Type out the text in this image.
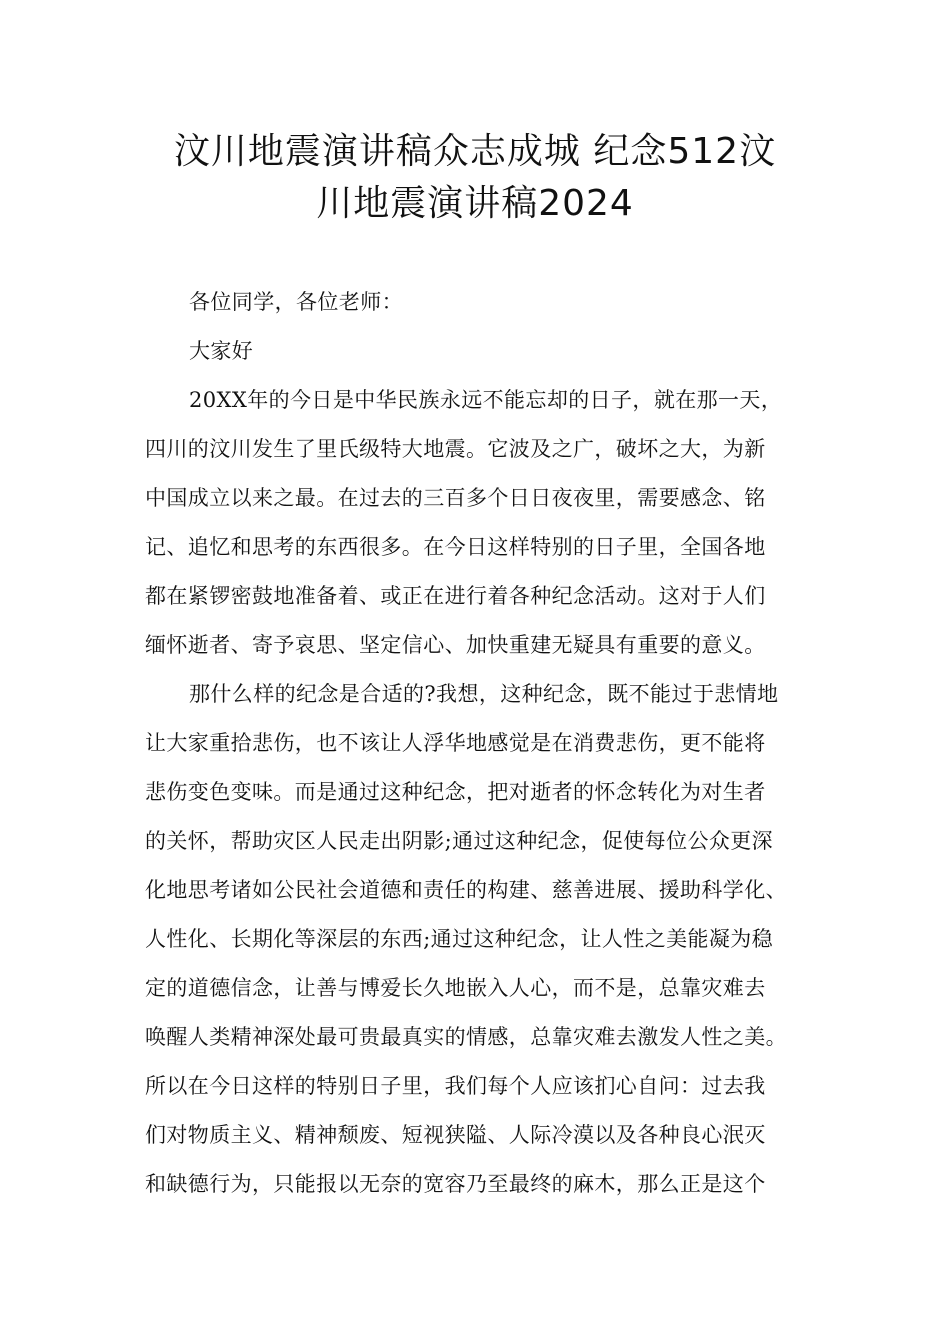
汶川地震演讲稿众志成城 纪念512汶
川地震演讲稿2024
各位同学，各位老师：
大家好
20XX年的今日是中华民族永远不能忘却的日子，就在那一天，
四川的汶川发生了里氏级特大地震。它波及之广，破坏之大，为新
中国成立以来之最。在过去的三百多个日日夜夜里，需要感念、铭
记、追忆和思考的东西很多。在今日这样特别的日子里，全国各地
都在紧锣密鼓地准备着、或正在进行着各种纪念活动。这对于人们
缅怀逝者、寄予哀思、坚定信心、加快重建无疑具有重要的意义。
那什么样的纪念是合适的?我想，这种纪念，既不能过于悲情地
让大家重拾悲伤，也不该让人浮华地感觉是在消费悲伤，更不能将
悲伤变色变味。而是通过这种纪念，把对逝者的怀念转化为对生者
的关怀，帮助灾区人民走出阴影;通过这种纪念，促使每位公众更深
化地思考诸如公民社会道德和责任的构建、慈善进展、援助科学化、
人性化、长期化等深层的东西;通过这种纪念，让人性之美能凝为稳
定的道德信念，让善与博爱长久地嵌入人心，而不是，总靠灾难去
唤醒人类精神深处最可贵最真实的情感，总靠灾难去激发人性之美。
所以在今日这样的特别日子里，我们每个人应该扪心自问：过去我
们对物质主义、精神颓废、短视狭隘、人际冷漠以及各种良心泯灭
和缺德行为，只能报以无奈的宽容乃至最终的麻木，那么正是这个
